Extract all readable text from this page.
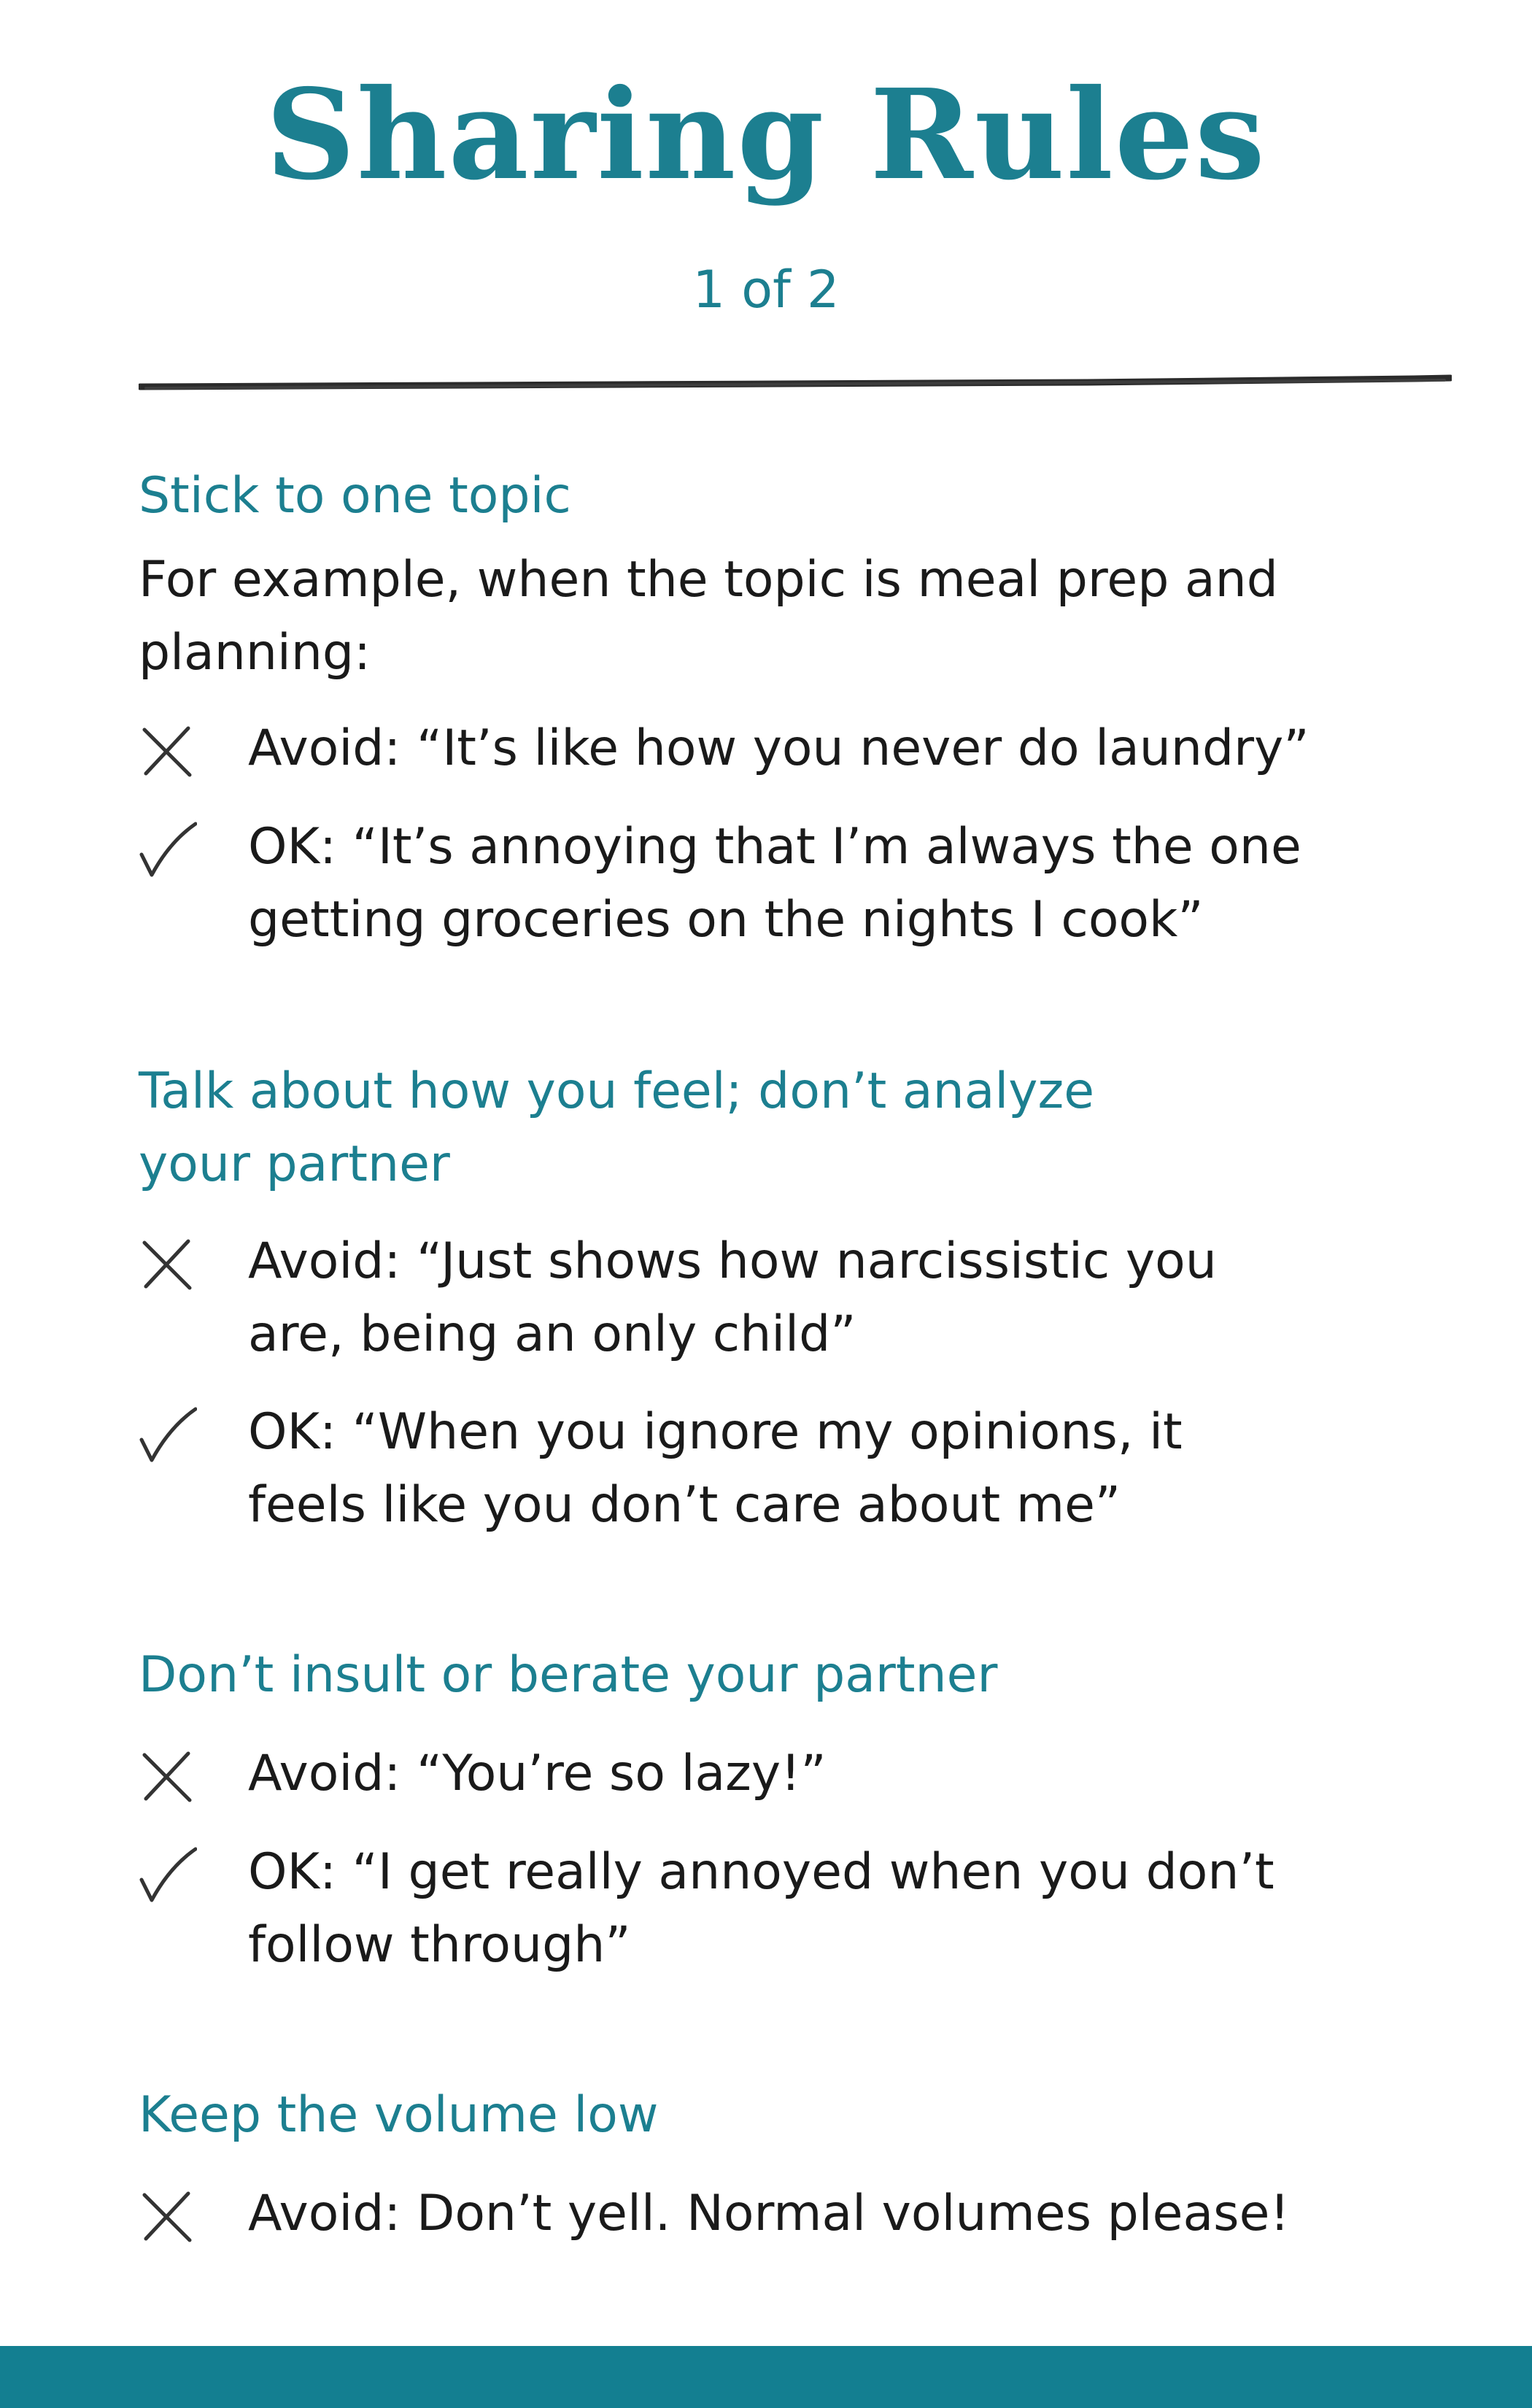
Sharing Rules
1 of 2
Stick to one topic
For example, when the topic is meal prep and
planning:
Avoid: “It’s like how you never do laundry”
OK: “It’s annoying that I’m always the one
getting groceries on the nights I cook”
Talk about how you feel; don’t analyze
your partner
Avoid: “Just shows how narcissistic you
are, being an only child”
OK: “When you ignore my opinions, it
feels like you don’t care about me”
Don’t insult or berate your partner
Avoid: “You’re so lazy!”
OK: “I get really annoyed when you don’t
follow through”
Keep the volume low
Avoid: Don’t yell. Normal volumes please!
